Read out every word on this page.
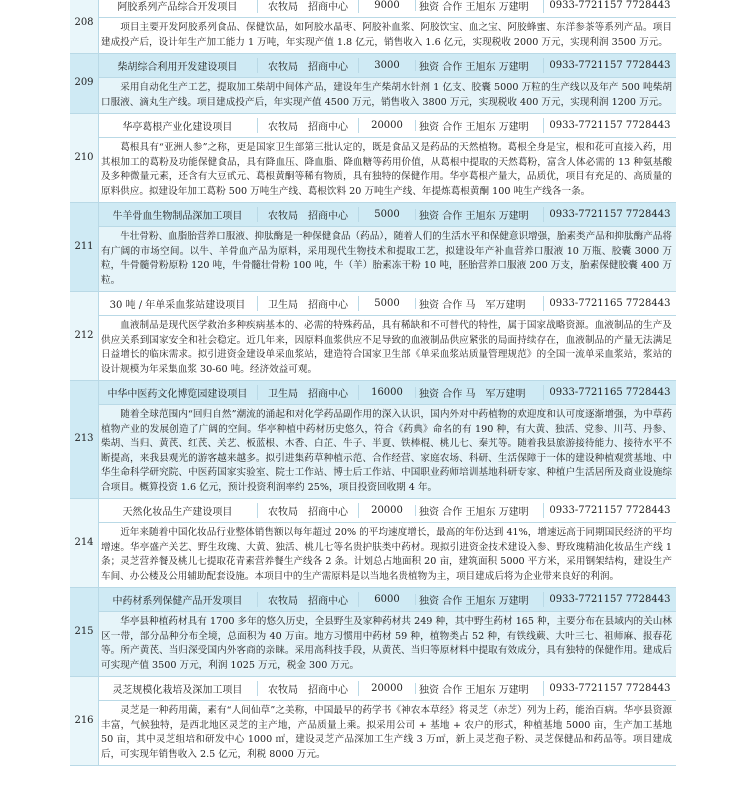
208
阿胶系列产品综合开发项目	农牧局　招商中心	9000	独资 合作 王旭东 万建明	0933-7721157 7728443
项目主要开发阿胶系列食品、保健饮品，如阿胶水晶枣、阿胶补血浆、阿胶饮宝、血之宝、阿胶蜂蜜、东洋参茶等系列产品。项目建成投产后，设计年生产加工能力 1 万吨，年实现产值 1.8 亿元，销售收入 1.6 亿元，实现税收 2000 万元，实现利润 3500 万元。
209
柴胡综合利用开发建设项目	农牧局　招商中心	3000	独资 合作 王旭东 万建明	0933-7721157 7728443
采用自动化生产工艺，提取加工柴胡中间体产品，建设年生产柴胡水针剂 1 亿支、胶囊 5000 万粒的生产线以及年产 500 吨柴胡口服液、滴丸生产线。项目建成投产后，年实现产值 4500 万元，销售收入 3800 万元，实现税收 400 万元，实现利润 1200 万元。
210
华亭葛根产业化建设项目	农牧局　招商中心	20000	独资 合作 王旭东 万建明	0933-7721157 7728443
葛根具有“亚洲人参”之称，更是国家卫生部第三批认定的，既是食品又是药品的天然植物。葛根全身是宝，根和花可直接入药，用其根加工的葛粉及功能保健食品，具有降血压、降血脂、降血糖等药用价值，从葛根中提取的天然葛粉，富含人体必需的 13 种氨基酸及多种微量元素，还含有大豆甙元、葛根黄酮等稀有物质，具有独特的保健作用。华亭葛根产量大，品质优，项目有充足的、高质量的原料供应。拟建设年加工葛粉 500 万吨生产线、葛根饮料 20 万吨生产线、年提炼葛根黄酮 100 吨生产线各一条。
211
牛羊骨血生物制品深加工项目	农牧局　招商中心	5000	独资 合作 王旭东 万建明	0933-7721157 7728443
牛壮骨粉、血脂胎营养口服液、抑肽酶是一种保健食品（药品），随着人们的生活水平和保健意识增强，胎素类产品和抑肽酶产品将有广阔的市场空间。以牛、羊骨血产品为原料，采用现代生物技术和提取工艺，拟建设年产补血营养口服液 10 万瓶、胶囊 3000 万粒，牛骨髓骨粉原粉 120 吨，牛骨髓壮骨粉 100 吨，牛（羊）胎素冻干粉 10 吨，胚胎营养口服液 200 万支，胎素保健胶囊 400 万粒。
212
30 吨 / 年单采血浆站建设项目	卫生局　招商中心	5000	独资 合作 马　军万建明	0933-7721165 7728443
血液制品是现代医学救治多种疾病基本的、必需的特殊药品，具有稀缺和不可替代的特性，属于国家战略资源。血液制品的生产及供应关系到国家安全和社会稳定。近几年来，因原料血浆供应不足导致的血液制品供应紧张的局面持续存在，血液制品的产量无法满足日益增长的临床需求。拟引进资金建设单采血浆站，建造符合国家卫生部《单采血浆站质量管理规范》的全国一流单采血浆站，浆站的设计规模为年采集血浆 30-60 吨。经济效益可观。
213
中华中医药文化博览园建设项目	卫生局　招商中心	16000	独资 合作 马　军万建明	0933-7721165 7728443
随着全球范围内“回归自然”潮流的涌起和对化学药品副作用的深入认识，国内外对中药植物的欢迎度和认可度逐渐增强，为中草药植物产业的发展创造了广阔的空间。华亭种植中药材历史悠久，符合《药典》命名的有 190 种，有大黄、独活、党参、川芎、丹参、柴胡、当归、黄芪、红芪、关艺、板蓝根、木香、白芷、牛子、半夏、铁棒棍、桃儿七、秦艽等。随着我县旅游接待能力、接待水平不断提高，来我县观光的游客越来越多。拟引进集药草种植示范、合作经营、家庭农场、科研、生活保障于一体的建设种植观赏基地、中华生命科学研究院、中医药国家实验室、院士工作站、博士后工作站、中国职业药师培训基地科研专家、种植户生活居所及商业设施综合项目。概算投资 1.6 亿元，预计投资利润率约 25%，项目投资回收期 4 年。
214
天然化妆品生产建设项目	农牧局　招商中心	20000	独资 合作 王旭东 万建明	0933-7721157 7728443
近年来随着中国化妆品行业整体销售额以每年超过 20% 的平均速度增长，最高的年份达到 41%，增速远高于同期国民经济的平均增速。华亭盛产关艺、野生玫瑰、大黄、独活、桃儿七等名贵护肤类中药材。现拟引进资金技术建设入参、野玫瑰精油化妆品生产线 1 条；灵芝营养餐及桃儿七提取花青素营养餐生产线各 2 条。计划总占地面积 20 亩，建筑面积 5000 平方米，采用钢架结构，建设生产车间、办公楼及公用辅助配套设施。本项目中的生产需原料是以当地名贵植物为主，项目建成后将为企业带来良好的利润。
215
中药材系列保健产品开发项目	农牧局　招商中心	6000	独资 合作 王旭东 万建明	0933-7721157 7728443
华亭县种植药材具有 1700 多年的悠久历史，全县野生及家种药材共 249 种，其中野生药材 165 种，主要分布在县域内的关山林区一带，部分品种分布全境，总面积为 40 万亩。地方习惯用中药材 59 种，植物类占 52 种，有铁线蕨、大叶三七、祖师麻、报春花等。所产黄芪、当归深受国内外客商的亲睐。采用高科技手段，从黄芪、当归等原材料中提取有效成分，具有独特的保健作用。建成后可实现产值 3500 万元，利润 1025 万元，税金 300 万元。
216
灵芝规模化栽培及深加工项目	农牧局　招商中心	20000	独资 合作 王旭东 万建明	0933-7721157 7728443
灵芝是一种药用菌，素有“人间仙草”之美称，中国最早的药学书《神农本草经》将灵芝（赤芝）列为上药，能治百病。华亭县资源丰富，气候独特，是西北地区灵芝的主产地，产品质量上乘。拟采用公司 + 基地 + 农户的形式，种植基地 5000 亩，生产加工基地 50 亩，其中灵芝组培和研发中心 1000 ㎡，建设灵芝产品深加工生产线 3 万㎡，新上灵芝孢子粉、灵芝保健品和药品等。项目建成后，可实现年销售收入 2.5 亿元，利税 8000 万元。
